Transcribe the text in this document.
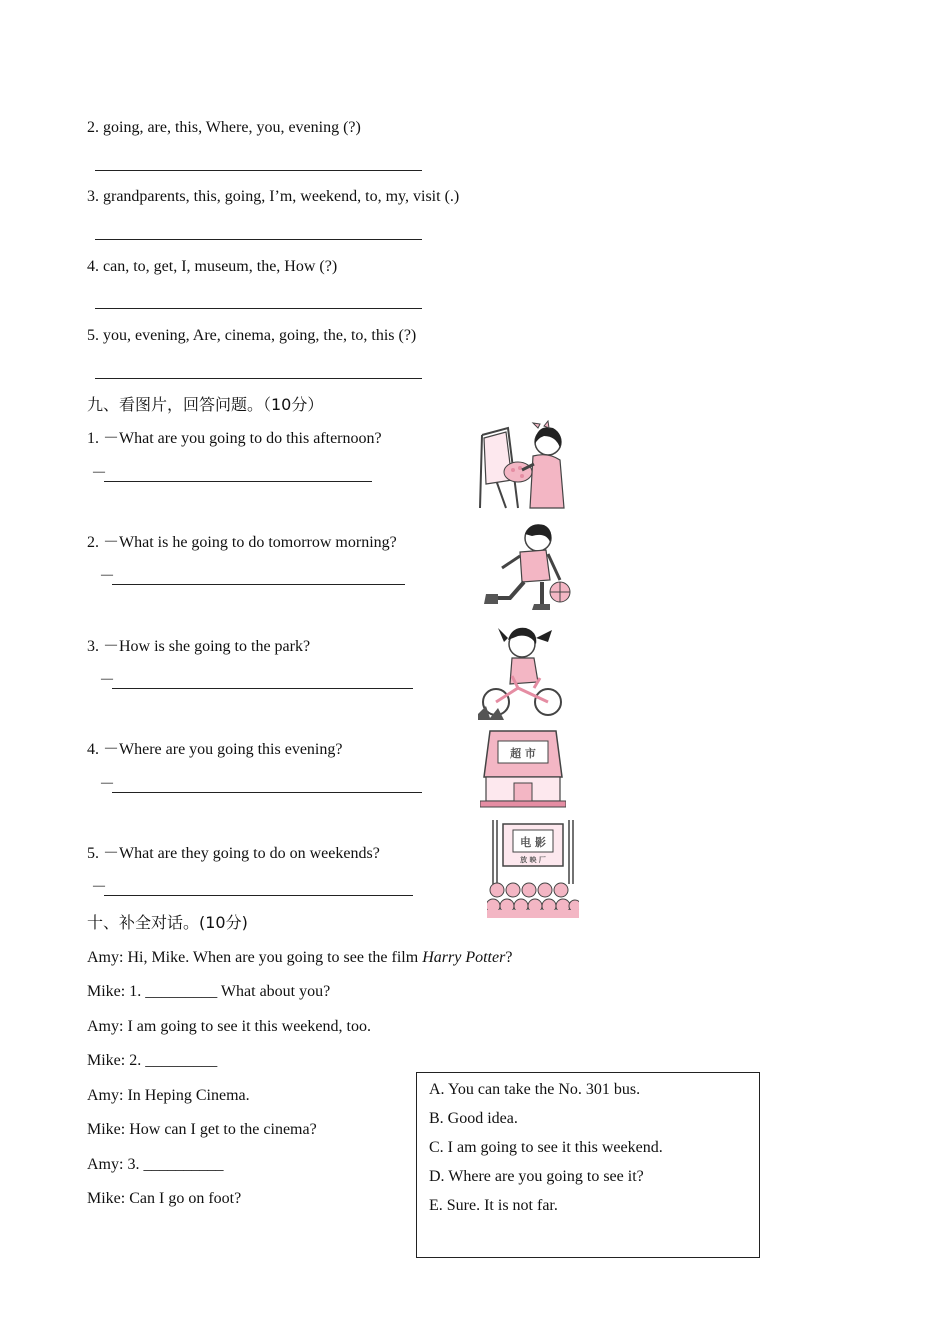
2. going, are, this, Where, you, evening (?)
3. grandparents, this, going, I’m, weekend, to, my, visit (.)
4. can, to, get, I, museum, the, How (?)
5. you, evening, Are, cinema, going, the, to, this (?)
九、看图片，回答问题。（10分）
1. －What are you going to do this afternoon?
－
2. －What is he going to do tomorrow morning?
－
3. －How is she going to the park?
－
4. －Where are you going this evening?
－
5. －What are they going to do on weekends?
－
超 市
电 影
放 映 厂
十、补全对话。(10分)
Amy: Hi, Mike. When are you going to see the film Harry Potter?
Mike: 1. _________ What about you?
Amy: I am going to see it this weekend, too.
Mike: 2. _________
Amy: In Heping Cinema.
Mike: How can I get to the cinema?
Amy: 3. __________
Mike: Can I go on foot?
A. You can take the No. 301 bus.
B. Good idea.
C. I am going to see it this weekend.
D. Where are you going to see it?
E. Sure. It is not far.
